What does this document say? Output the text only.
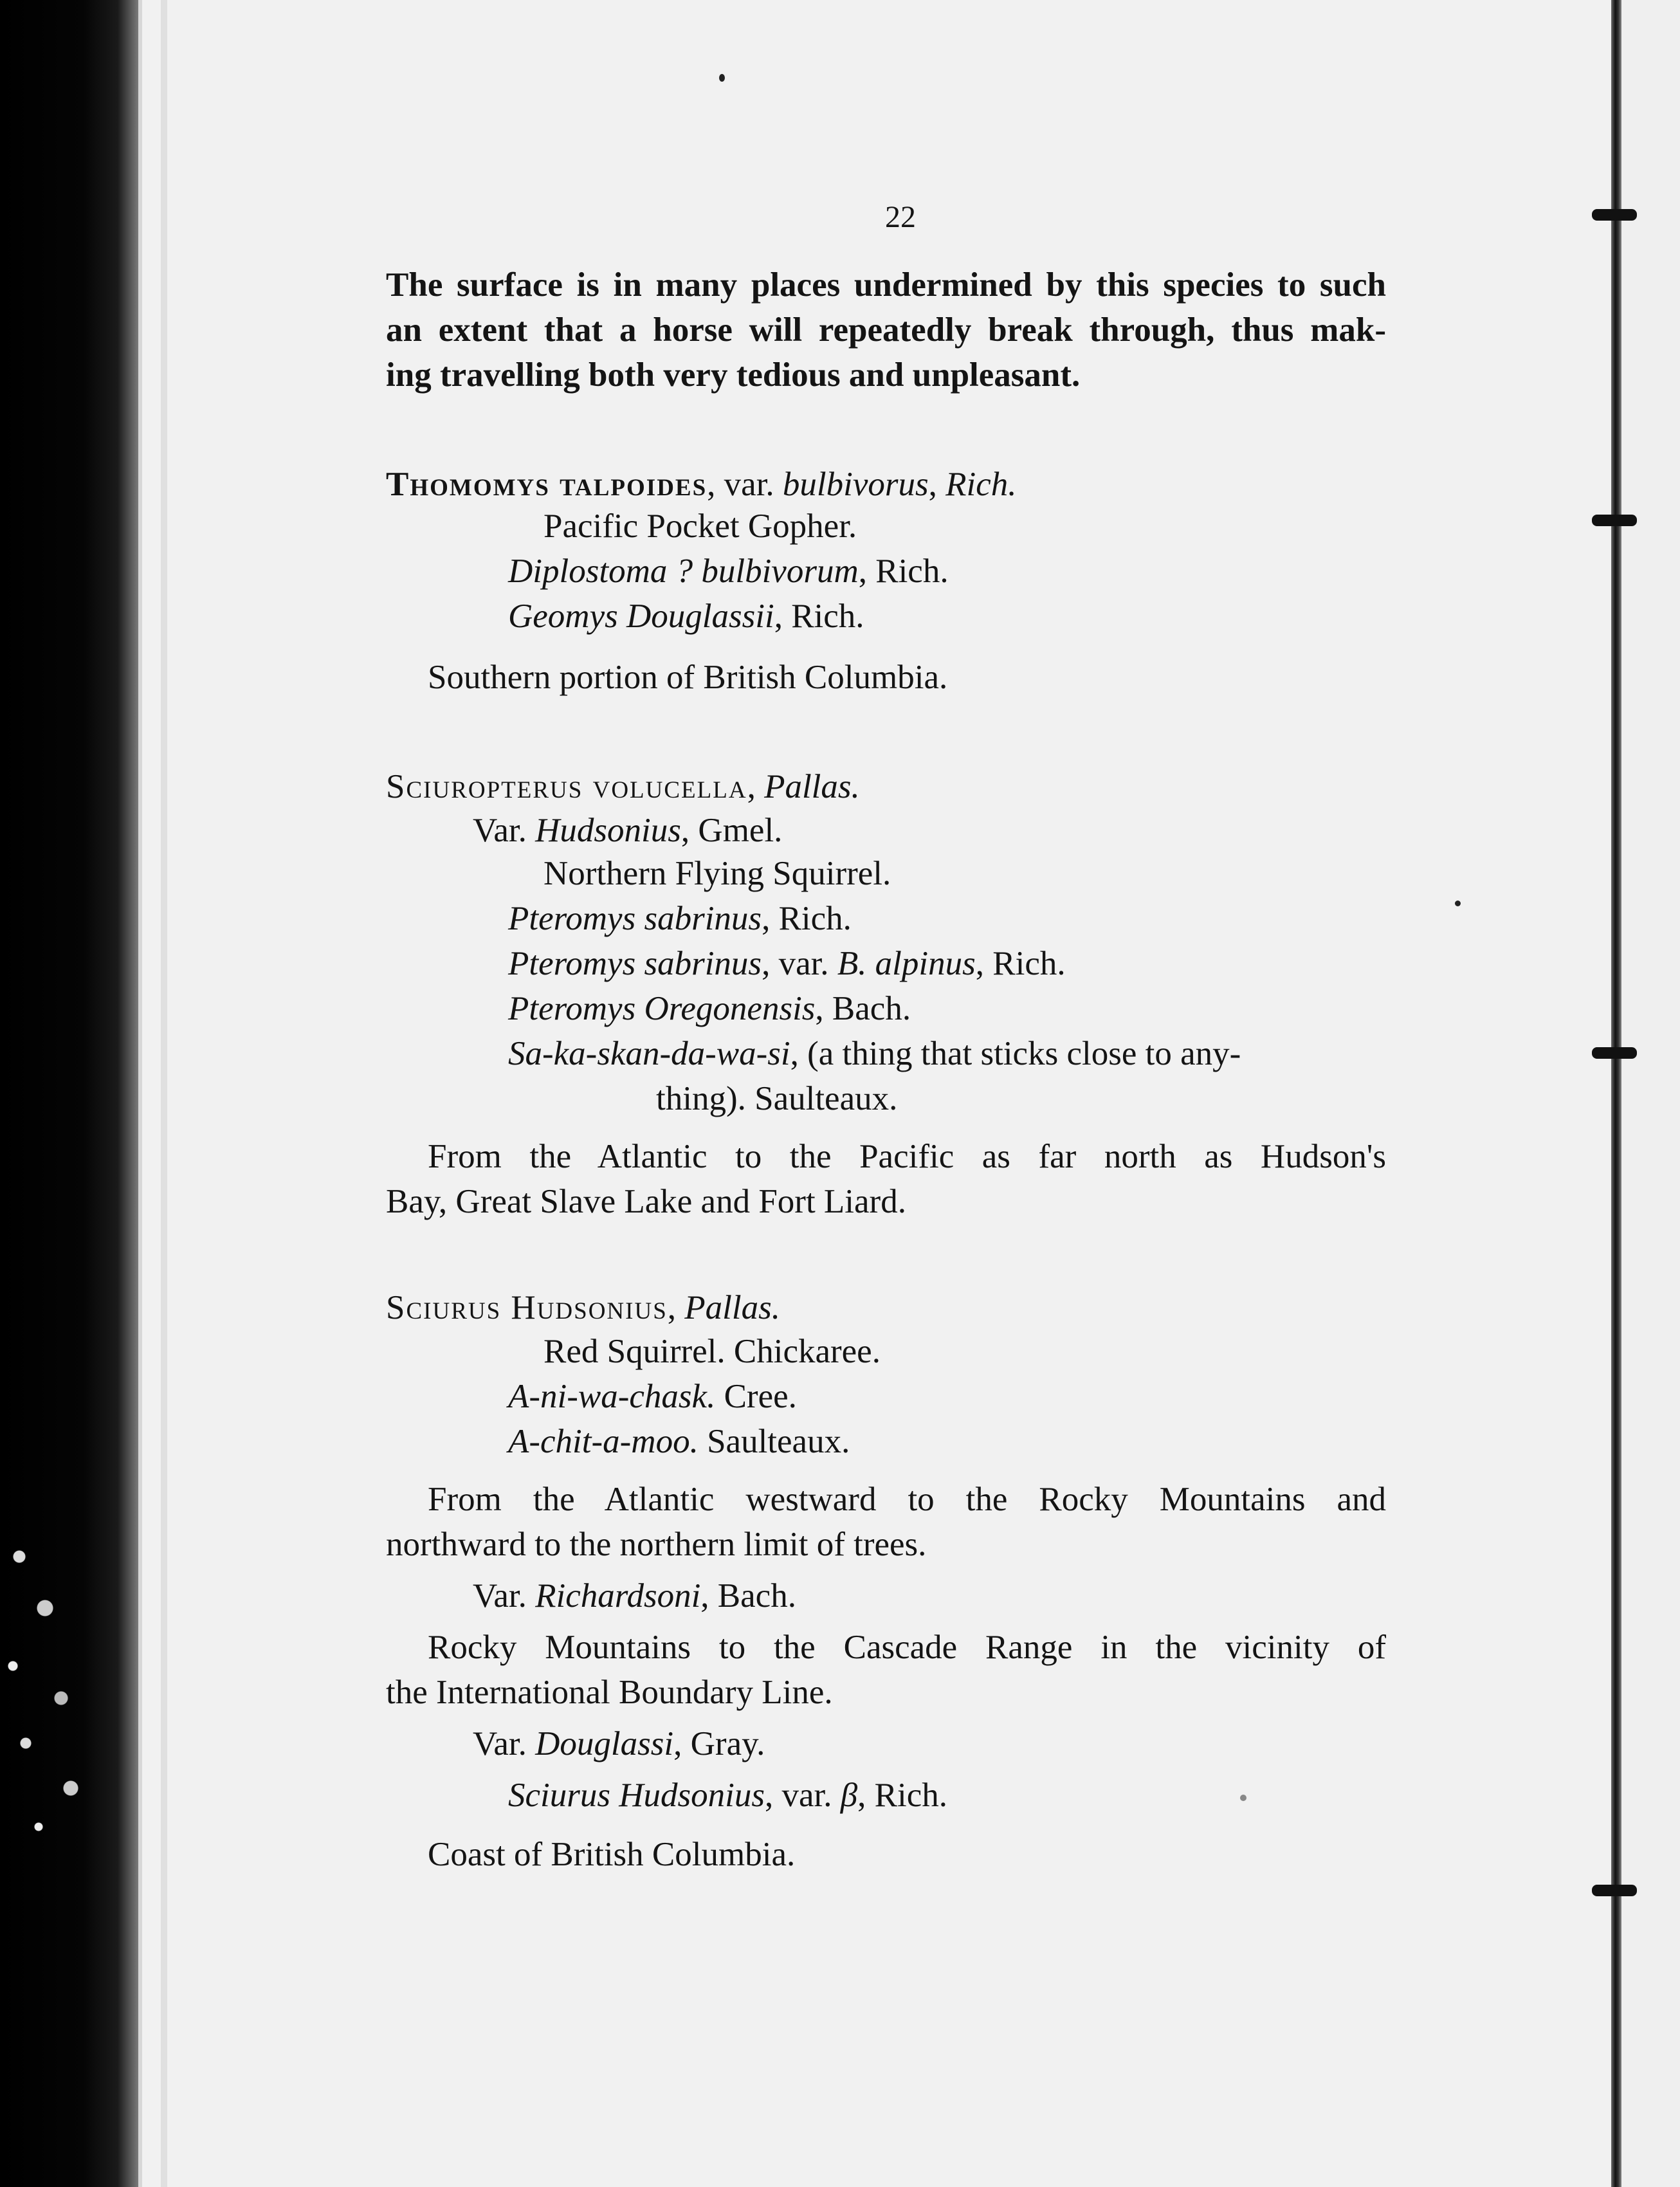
22
The surface is in many places undermined by this species to such
an extent that a horse will repeatedly break through, thus mak-
ing travelling both very tedious and unpleasant.
Thomomys talpoides, var. bulbivorus, Rich.
Pacific Pocket Gopher.
Diplostoma ? bulbivorum, Rich.
Geomys Douglassii, Rich.
Southern portion of British Columbia.
Sciuropterus volucella, Pallas.
Var. Hudsonius, Gmel.
Northern Flying Squirrel.
Pteromys sabrinus, Rich.
Pteromys sabrinus, var. B. alpinus, Rich.
Pteromys Oregonensis, Bach.
Sa-ka-skan-da-wa-si, (a thing that sticks close to any-
thing). Saulteaux.
From the Atlantic to the Pacific as far north as Hudson's
Bay, Great Slave Lake and Fort Liard.
Sciurus Hudsonius, Pallas.
Red Squirrel. Chickaree.
A-ni-wa-chask. Cree.
A-chit-a-moo. Saulteaux.
From the Atlantic westward to the Rocky Mountains and
northward to the northern limit of trees.
Var. Richardsoni, Bach.
Rocky Mountains to the Cascade Range in the vicinity of
the International Boundary Line.
Var. Douglassi, Gray.
Sciurus Hudsonius, var. β, Rich.
Coast of British Columbia.
